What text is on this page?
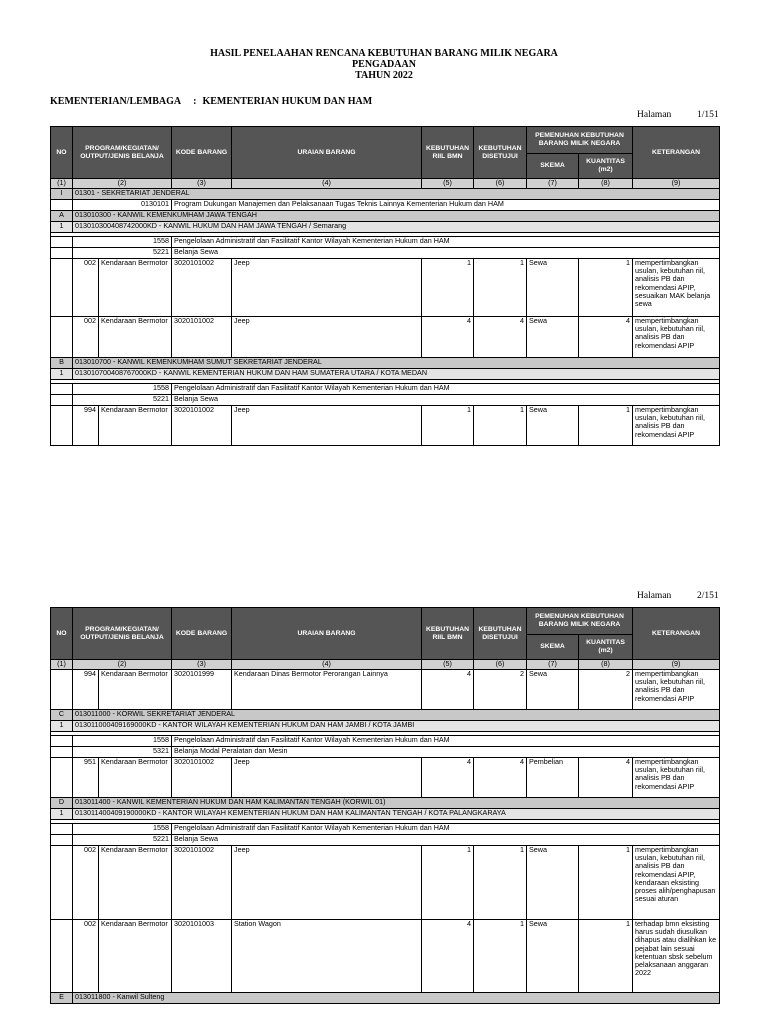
HASIL PENELAAHAN RENCANA KEBUTUHAN BARANG MILIK NEGARA
PENGADAAN
TAHUN 2022
KEMENTERIAN/LEMBAGA : KEMENTERIAN HUKUM DAN HAM
Halaman	1/151
NO	PROGRAM/KEGIATAN/ OUTPUT/JENIS BELANJA		KODE BARANG	URAIAN BARANG	KEBUTUHAN RIIL BMN	KEBUTUHAN DISETUJUI	PEMENUHAN KEBUTUHAN BARANG MILIK NEGARA		KETERANGAN
							SKEMA	KUANTITAS (m2)	
(1)	(2)		(3)	(4)	(5)	(6)	(7)	(8)	(9)
I	01301 - SEKRETARIAT JENDERAL								
	0130101		Program Dukungan Manajemen dan Pelaksanaan Tugas Teknis Lainnya Kementerian Hukum dan HAM						
A	013010300 - KANWIL KEMENKUMHAM JAWA TENGAH								
1	013010300408742000KD - KANWIL HUKUM DAN HAM JAWA TENGAH / Semarang								

	1558		Pengelolaan Administratif dan Fasilitatif Kantor Wilayah Kementerian Hukum dan HAM						
	5221		Belanja Sewa						
	002	Kendaraan Bermotor	3020101002	Jeep	1	1	Sewa	1	mempertimbangkan usulan, kebutuhan riil, analisis PB dan rekomendasi APIP, sesuaikan MAK belanja sewa
	002	Kendaraan Bermotor	3020101002	Jeep	4	4	Sewa	4	mempertimbangkan usulan, kebutuhan riil, analisis PB dan rekomendasi APIP
B	013010700 - KANWIL KEMENKUMHAM SUMUT SEKRETARIAT JENDERAL								
1	013010700408767000KD - KANWIL KEMENTERIAN HUKUM DAN HAM SUMATERA UTARA / KOTA MEDAN								

	1558		Pengelolaan Administratif dan Fasilitatif Kantor Wilayah Kementerian Hukum dan HAM						
	5221		Belanja Sewa						
	994	Kendaraan Bermotor	3020101002	Jeep	1	1	Sewa	1	mempertimbangkan usulan, kebutuhan riil, analisis PB dan rekomendasi APIP
Halaman	2/151
NO	PROGRAM/KEGIATAN/ OUTPUT/JENIS BELANJA		KODE BARANG	URAIAN BARANG	KEBUTUHAN RIIL BMN	KEBUTUHAN DISETUJUI	PEMENUHAN KEBUTUHAN BARANG MILIK NEGARA		KETERANGAN
							SKEMA	KUANTITAS (m2)	
(1)	(2)		(3)	(4)	(5)	(6)	(7)	(8)	(9)
	994	Kendaraan Bermotor	3020101999	Kendaraan Dinas Bermotor Perorangan Lainnya	4	2	Sewa	2	mempertimbangkan usulan, kebutuhan riil, analisis PB dan rekomendasi APIP
C	013011000 - KORWIL SEKRETARIAT JENDERAL								
1	013011000409169000KD - KANTOR WILAYAH KEMENTERIAN HUKUM DAN HAM JAMBI / KOTA JAMBI								

	1558		Pengelolaan Administratif dan Fasilitatif Kantor Wilayah Kementerian Hukum dan HAM						
	5321		Belanja Modal Peralatan dan Mesin						
	951	Kendaraan Bermotor	3020101002	Jeep	4	4	Pembelian	4	mempertimbangkan usulan, kebutuhan riil, analisis PB dan rekomendasi APIP
D	013011400 - KANWIL KEMENTERIAN HUKUM DAN HAM KALIMANTAN TENGAH (KORWIL 01)								
1	013011400409190000KD - KANTOR WILAYAH KEMENTERIAN HUKUM DAN HAM KALIMANTAN TENGAH / KOTA PALANGKARAYA								

	1558		Pengelolaan Administratif dan Fasilitatif Kantor Wilayah Kementerian Hukum dan HAM						
	5221		Belanja Sewa						
	002	Kendaraan Bermotor	3020101002	Jeep	1	1	Sewa	1	mempertimbangkan usulan, kebutuhan riil, analisis PB dan rekomendasi APIP, kendaraan eksisting proses alih/penghapusan sesuai aturan
	002	Kendaraan Bermotor	3020101003	Station Wagon	4	1	Sewa	1	terhadap bmn eksisting harus sudah diusulkan dihapus atau dialihkan ke pejabat lain sesuai ketentuan sbsk sebelum pelaksanaan anggaran 2022
E	013011800 - Kanwil Sulteng								
